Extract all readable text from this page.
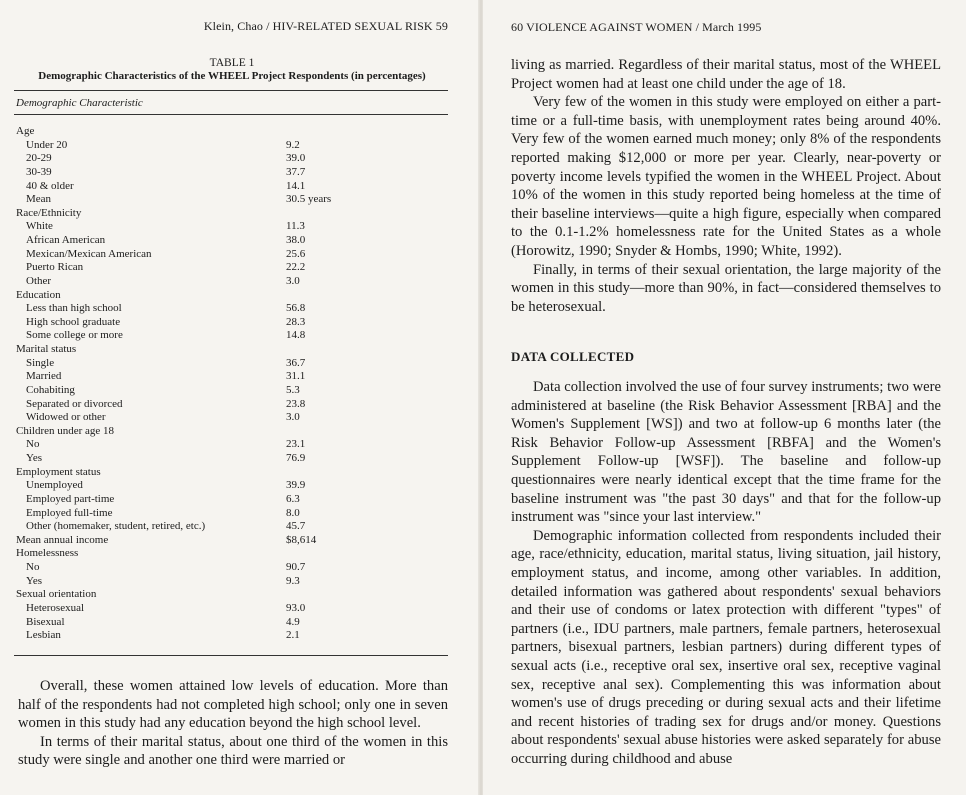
Klein, Chao / HIV-RELATED SEXUAL RISK 59
TABLE 1
Demographic Characteristics of the WHEEL Project Respondents (in percentages)
Demographic Characteristic
Age
Under 20	9.2
20-29	39.0
30-39	37.7
40 & older	14.1
Mean	30.5 years
Race/Ethnicity
White	11.3
African American	38.0
Mexican/Mexican American	25.6
Puerto Rican	22.2
Other	3.0
Education
Less than high school	56.8
High school graduate	28.3
Some college or more	14.8
Marital status
Single	36.7
Married	31.1
Cohabiting	5.3
Separated or divorced	23.8
Widowed or other	3.0
Children under age 18
No	23.1
Yes	76.9
Employment status
Unemployed	39.9
Employed part-time	6.3
Employed full-time	8.0
Other (homemaker, student, retired, etc.)	45.7
Mean annual income	$8,614
Homelessness
No	90.7
Yes	9.3
Sexual orientation
Heterosexual	93.0
Bisexual	4.9
Lesbian	2.1

Overall, these women attained low levels of education. More than half of the respondents had not completed high school; only one in seven women in this study had any education beyond the high school level.

In terms of their marital status, about one third of the women in this study were single and another one third were married or

60 VIOLENCE AGAINST WOMEN / March 1995

living as married. Regardless of their marital status, most of the WHEEL Project women had at least one child under the age of 18.

Very few of the women in this study were employed on either a part-time or a full-time basis, with unemployment rates being around 40%. Very few of the women earned much money; only 8% of the respondents reported making $12,000 or more per year. Clearly, near-poverty or poverty income levels typified the women in the WHEEL Project. About 10% of the women in this study reported being homeless at the time of their baseline interviews—quite a high figure, especially when compared to the 0.1-1.2% homelessness rate for the United States as a whole (Horowitz, 1990; Snyder & Hombs, 1990; White, 1992).

Finally, in terms of their sexual orientation, the large majority of the women in this study—more than 90%, in fact—considered themselves to be heterosexual.

DATA COLLECTED

Data collection involved the use of four survey instruments; two were administered at baseline (the Risk Behavior Assessment [RBA] and the Women's Supplement [WS]) and two at follow-up 6 months later (the Risk Behavior Follow-up Assessment [RBFA] and the Women's Supplement Follow-up [WSF]). The baseline and follow-up questionnaires were nearly identical except that the time frame for the baseline instrument was "the past 30 days" and that for the follow-up instrument was "since your last interview."

Demographic information collected from respondents included their age, race/ethnicity, education, marital status, living situation, jail history, employment status, and income, among other variables. In addition, detailed information was gathered about respondents' sexual behaviors and their use of condoms or latex protection with different "types" of partners (i.e., IDU partners, male partners, female partners, heterosexual partners, bisexual partners, lesbian partners) during different types of sexual acts (i.e., receptive oral sex, insertive oral sex, receptive vaginal sex, receptive anal sex). Complementing this was information about women's use of drugs preceding or during sexual acts and their lifetime and recent histories of trading sex for drugs and/or money. Questions about respondents' sexual abuse histories were asked separately for abuse occurring during childhood and abuse
